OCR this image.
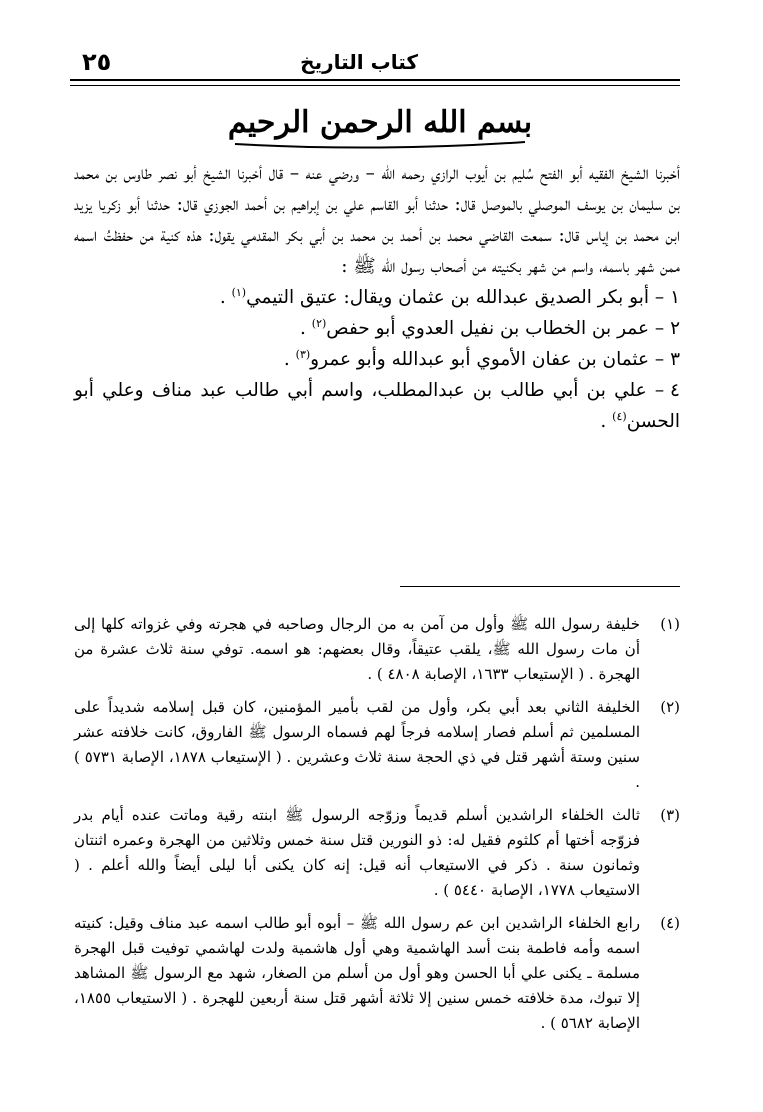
٢٥	كتاب التاريخ
بسم الله الرحمن الرحيم

أخبرنا الشيخ الفقيه أبو الفتح سُليم بن أيوب الرازي رحمه الله – ورضي عنه – قال أخبرنا الشيخ أبو نصر طاوس بن محمد بن سليمان بن يوسف الموصلي بالموصل قال: حدثنا أبو القاسم علي بن إبراهيم بن أحمد الجوزي قال: حدثنا أبو زكريا يزيد ابن محمد بن إياس قال: سمعت القاضي محمد بن أحمد بن محمد بن أبي بكر المقدمي يقول: هذه كنية من حفظتُ اسمه ممن شهر باسمه، واسم من شهر بكنيته من أصحاب رسول الله ﷺ :

١ – أبو بكر الصديق عبدالله بن عثمان ويقال: عتيق التيمي$^{(١)}$ .
٢ – عمر بن الخطاب بن نفيل العدوي أبو حفص$^{(٢)}$ .
٣ – عثمان بن عفان الأموي أبو عبدالله وأبو عمرو$^{(٣)}$ .
٤ – علي بن أبي طالب بن عبدالمطلب، واسم أبي طالب عبد مناف وعلي أبو الحسن$^{(٤)}$ .
(١)
خليفة رسول الله ﷺ وأول من آمن به من الرجال وصاحبه في هجرته وفي غزواته كلها إلى أن مات رسول الله ﷺ، يلقب عتيقاً، وقال بعضهم: هو اسمه. توفي سنة ثلاث عشرة من الهجرة . ( الإستيعاب ١٦٣٣، الإصابة ٤٨٠٨ ) .
(٢)
الخليفة الثاني بعد أبي بكر، وأول من لقب بأمير المؤمنين، كان قبل إسلامه شديداً على المسلمين ثم أسلم فصار إسلامه فرجاً لهم فسماه الرسول ﷺ الفاروق، كانت خلافته عشر سنين وستة أشهر قتل في ذي الحجة سنة ثلاث وعشرين . ( الإستيعاب ١٨٧٨، الإصابة ٥٧٣١ ) .
(٣)
ثالث الخلفاء الراشدين أسلم قديماً وزوّجه الرسول ﷺ ابنته رقية وماتت عنده أيام بدر فزوّجه أختها أم كلثوم فقيل له: ذو النورين قتل سنة خمس وثلاثين من الهجرة وعمره اثنتان وثمانون سنة . ذكر في الاستيعاب أنه قيل: إنه كان يكنى أبا ليلى أيضاً والله أعلم . ( الاستيعاب ١٧٧٨، الإصابة ٥٤٤٠ ) .
(٤)
رابع الخلفاء الراشدين ابن عم رسول الله ﷺ – أبوه أبو طالب اسمه عبد مناف وقيل: كنيته اسمه وأمه فاطمة بنت أسد الهاشمية وهي أول هاشمية ولدت لهاشمي توفيت قبل الهجرة مسلمة ـ يكنى علي أبا الحسن وهو أول من أسلم من الصغار، شهد مع الرسول ﷺ المشاهد إلا تبوك، مدة خلافته خمس سنين إلا ثلاثة أشهر قتل سنة أربعين للهجرة . ( الاستيعاب ١٨٥٥، الإصابة ٥٦٨٢ ) .
